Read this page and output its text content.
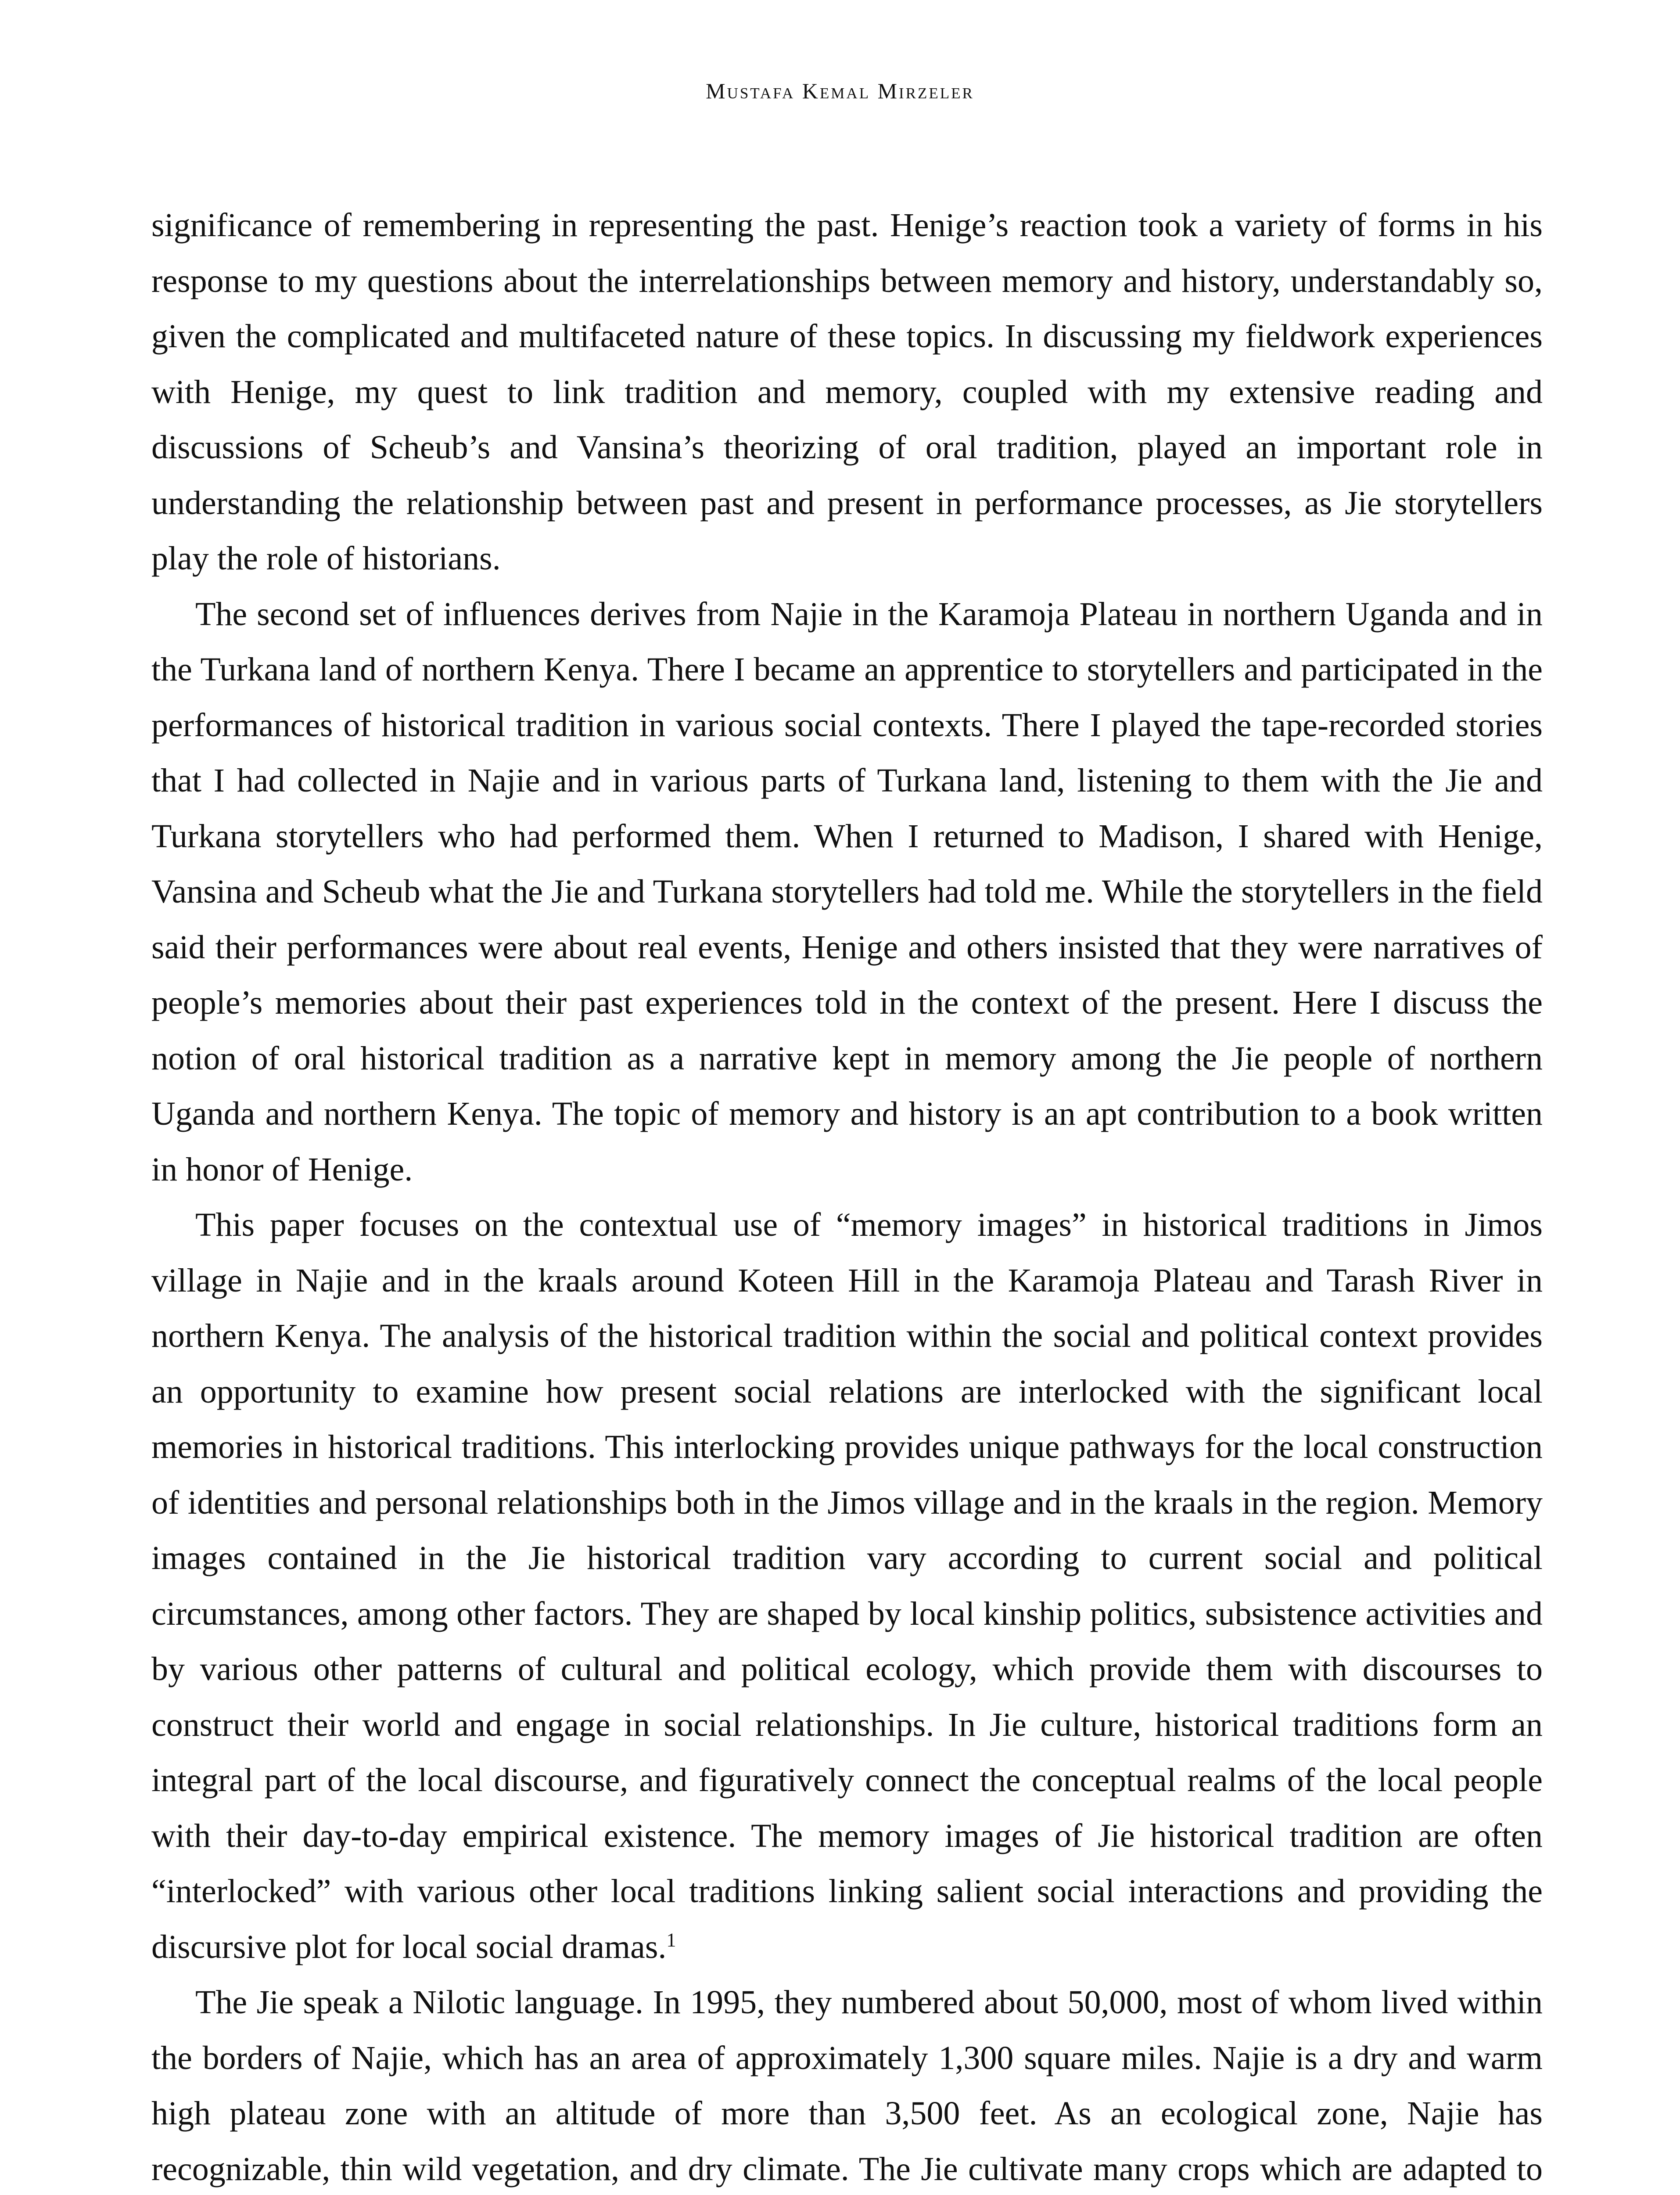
Mustafa Kemal Mirzeler

significance of remembering in representing the past. Henige’s reaction took a variety of forms in his response to my questions about the interrelationships between memory and history, understandably so, given the complicated and multifaceted nature of these topics. In discussing my fieldwork experiences with Henige, my quest to link tradition and memory, coupled with my extensive reading and discussions of Scheub’s and Vansina’s theorizing of oral tradition, played an important role in understanding the relationship between past and present in performance processes, as Jie storytellers play the role of historians.

The second set of influences derives from Najie in the Karamoja Plateau in northern Uganda and in the Turkana land of northern Kenya. There I became an apprentice to storytellers and participated in the performances of historical tradition in various social contexts. There I played the tape-recorded stories that I had collected in Najie and in various parts of Turkana land, listening to them with the Jie and Turkana storytellers who had performed them. When I returned to Madison, I shared with Henige, Vansina and Scheub what the Jie and Turkana storytellers had told me. While the storytellers in the field said their performances were about real events, Henige and others insisted that they were narratives of people’s memories about their past experiences told in the context of the present. Here I discuss the notion of oral historical tradition as a narrative kept in memory among the Jie people of northern Uganda and northern Kenya. The topic of memory and history is an apt contribution to a book written in honor of Henige.

This paper focuses on the contextual use of “memory images” in historical traditions in Jimos village in Najie and in the kraals around Koteen Hill in the Karamoja Plateau and Tarash River in northern Kenya. The analysis of the historical tradition within the social and political context provides an opportunity to examine how present social relations are interlocked with the significant local memories in historical traditions. This interlocking provides unique pathways for the local construction of identities and personal relationships both in the Jimos village and in the kraals in the region. Memory images contained in the Jie historical tradition vary according to current social and political circumstances, among other factors. They are shaped by local kinship politics, subsistence activities and by various other patterns of cultural and political ecology, which provide them with discourses to construct their world and engage in social relationships. In Jie culture, historical traditions form an integral part of the local discourse, and figuratively connect the conceptual realms of the local people with their day-to-day empirical existence. The memory images of Jie historical tradition are often “interlocked” with various other local traditions linking salient social interactions and providing the discursive plot for local social dramas.$^1$

The Jie speak a Nilotic language. In 1995, they numbered about 50,000, most of whom lived within the borders of Najie, which has an area of approximately 1,300 square miles. Najie is a dry and warm high plateau zone with an altitude of more than 3,500 feet. As an ecological zone, Najie has recognizable, thin wild vegetation, and dry climate. The Jie cultivate many crops which are adapted to
